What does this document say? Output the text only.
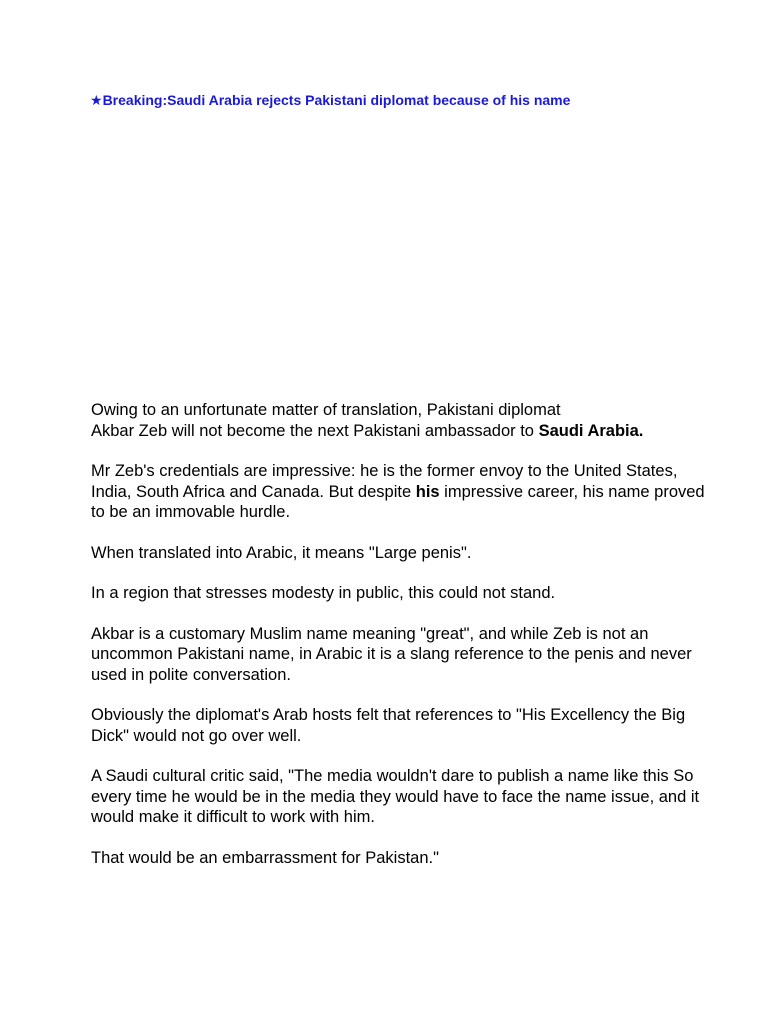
★Breaking:Saudi Arabia rejects Pakistani diplomat because of his name

Owing to an unfortunate matter of translation, Pakistani diplomat
Akbar Zeb will not become the next Pakistani ambassador to Saudi Arabia.

Mr Zeb's credentials are impressive: he is the former envoy to the United States, India, South Africa and Canada. But despite his impressive career, his name proved to be an immovable hurdle.

When translated into Arabic, it means "Large penis".

In a region that stresses modesty in public, this could not stand.

Akbar is a customary Muslim name meaning "great", and while Zeb is not an uncommon Pakistani name, in Arabic it is a slang reference to the penis and never used in polite conversation.

Obviously the diplomat's Arab hosts felt that references to "His Excellency the Big Dick" would not go over well.

A Saudi cultural critic said, "The media wouldn't dare to publish a name like this So every time he would be in the media they would have to face the name issue, and it would make it difficult to work with him.

That would be an embarrassment for Pakistan."
